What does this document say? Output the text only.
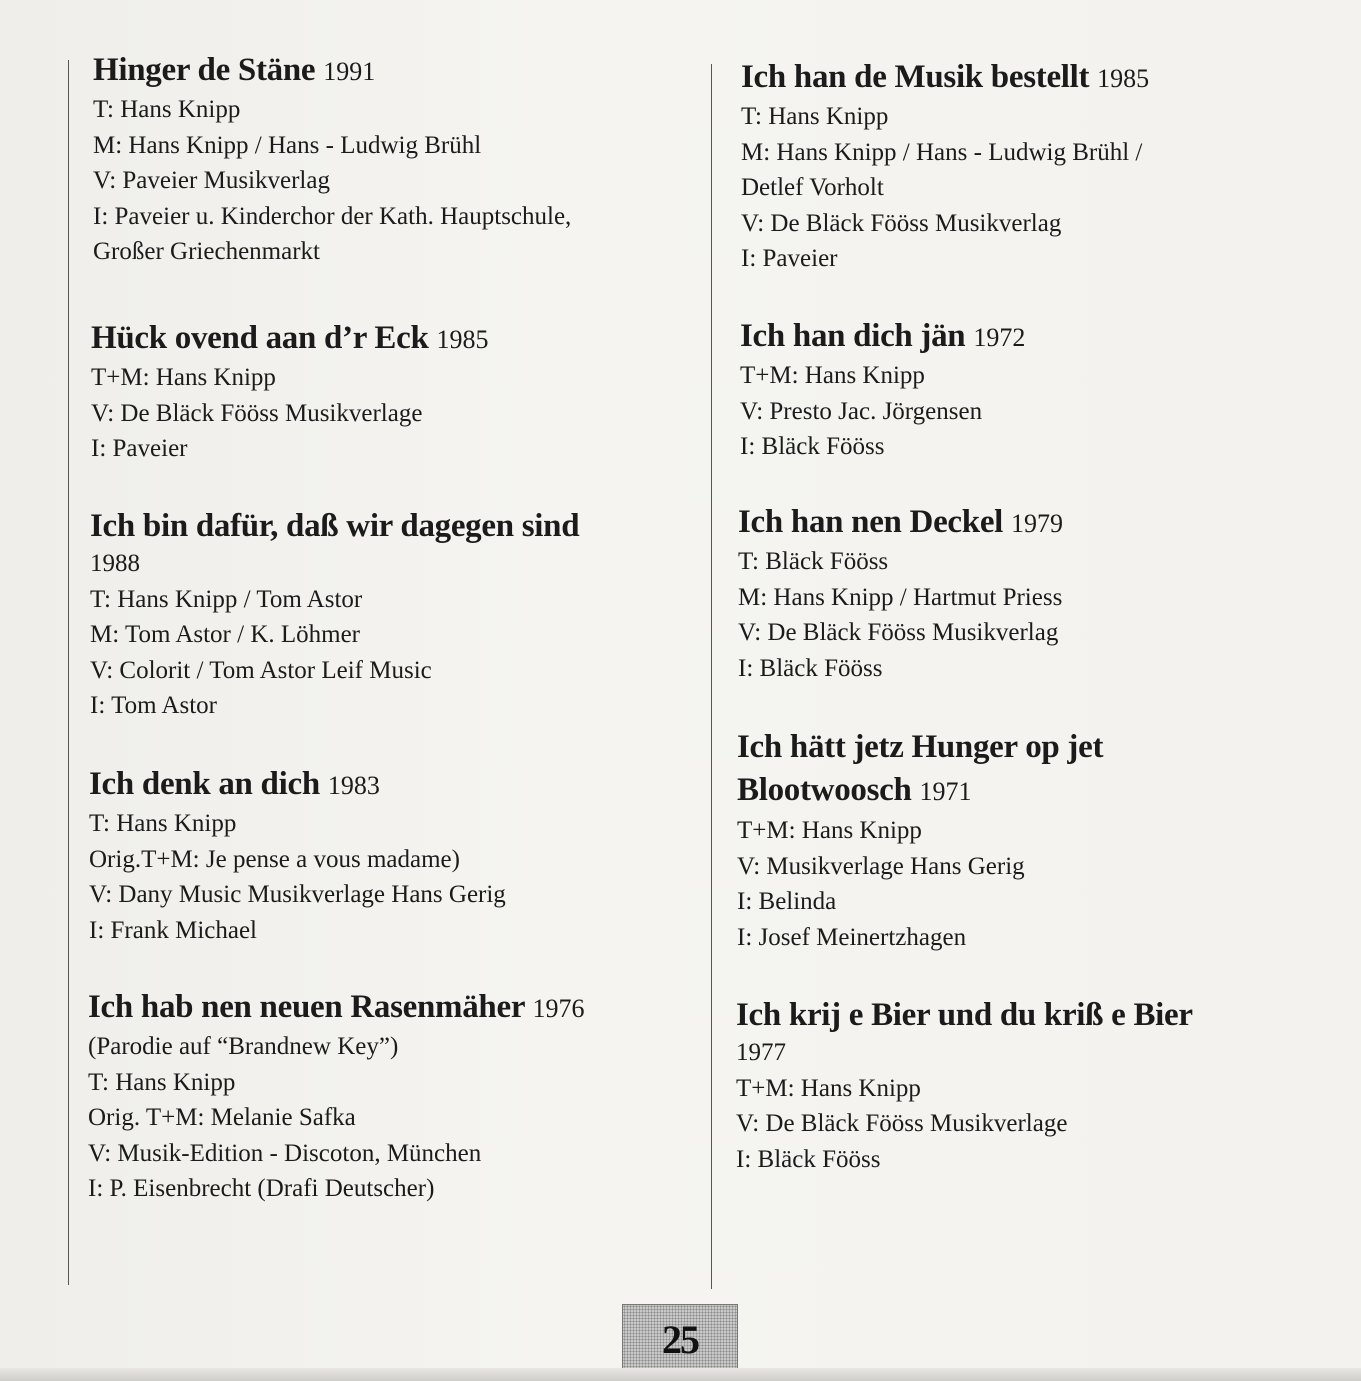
Hinger de Stäne 1991

T: Hans Knipp

M: Hans Knipp / Hans - Ludwig Brühl

V: Paveier Musikverlag

I: Paveier u. Kinderchor der Kath. Hauptschule,

Großer Griechenmarkt

Hück ovend aan d’r Eck 1985

T+M: Hans Knipp

V: De Bläck Fööss Musikverlage

I: Paveier

Ich bin dafür, daß wir dagegen sind

1988

T: Hans Knipp / Tom Astor

M: Tom Astor / K. Löhmer

V: Colorit / Tom Astor Leif Music

I: Tom Astor

Ich denk an dich 1983

T: Hans Knipp

Orig.T+M: Je pense a vous madame)

V: Dany Music Musikverlage Hans Gerig

I: Frank Michael

Ich hab nen neuen Rasenmäher 1976

(Parodie auf “Brandnew Key”)

T: Hans Knipp

Orig. T+M: Melanie Safka

V: Musik-Edition - Discoton, München

I: P. Eisenbrecht (Drafi Deutscher)

Ich han de Musik bestellt 1985

T: Hans Knipp

M: Hans Knipp / Hans - Ludwig Brühl /

Detlef Vorholt

V: De Bläck Fööss Musikverlag

I: Paveier

Ich han dich jän 1972

T+M: Hans Knipp

V: Presto Jac. Jörgensen

I: Bläck Fööss

Ich han nen Deckel 1979

T: Bläck Fööss

M: Hans Knipp / Hartmut Priess

V: De Bläck Fööss Musikverlag

I: Bläck Fööss

Ich hätt jetz Hunger op jet

Blootwoosch 1971

T+M: Hans Knipp

V: Musikverlage Hans Gerig

I: Belinda

I: Josef Meinertzhagen

Ich krij e Bier und du kriß e Bier

1977

T+M: Hans Knipp

V: De Bläck Fööss Musikverlage

I: Bläck Fööss

25
